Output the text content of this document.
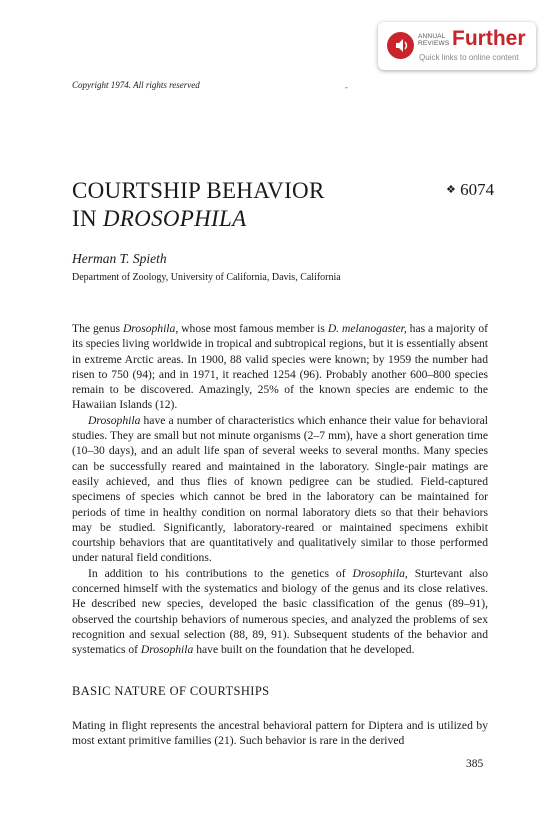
ANNUAL
REVIEWS Further
Quick links to online content
Copyright 1974. All rights reserved	-
COURTSHIP BEHAVIOR
IN DROSOPHILA
❖ 6074
Herman T. Spieth
Department of Zoology, University of California, Davis, California

The genus Drosophila, whose most famous member is D. melanogaster, has a majority of its species living worldwide in tropical and subtropical regions, but it is essentially absent in extreme Arctic areas. In 1900, 88 valid species were known; by 1959 the number had risen to 750 (94); and in 1971, it reached 1254 (96). Probably another 600–800 species remain to be discovered. Amazingly, 25% of the known species are endemic to the Hawaiian Islands (12).

Drosophila have a number of characteristics which enhance their value for behavioral studies. They are small but not minute organisms (2–7 mm), have a short generation time (10–30 days), and an adult life span of several weeks to several months. Many species can be successfully reared and maintained in the laboratory. Single-pair matings are easily achieved, and thus flies of known pedigree can be studied. Field-captured specimens of species which cannot be bred in the laboratory can be maintained for periods of time in healthy condition on normal laboratory diets so that their behaviors may be studied. Significantly, laboratory-reared or maintained specimens exhibit courtship behaviors that are quantitatively and qualitatively similar to those performed under natural field conditions.

In addition to his contributions to the genetics of Drosophila, Sturtevant also concerned himself with the systematics and biology of the genus and its close relatives. He described new species, developed the basic classification of the genus (89–91), observed the courtship behaviors of numerous species, and analyzed the problems of sex recognition and sexual selection (88, 89, 91). Subsequent students of the behavior and systematics of Drosophila have built on the foundation that he developed.

BASIC NATURE OF COURTSHIPS
Mating in flight represents the ancestral behavioral pattern for Diptera and is utilized by most extant primitive families (21). Such behavior is rare in the derived
385
